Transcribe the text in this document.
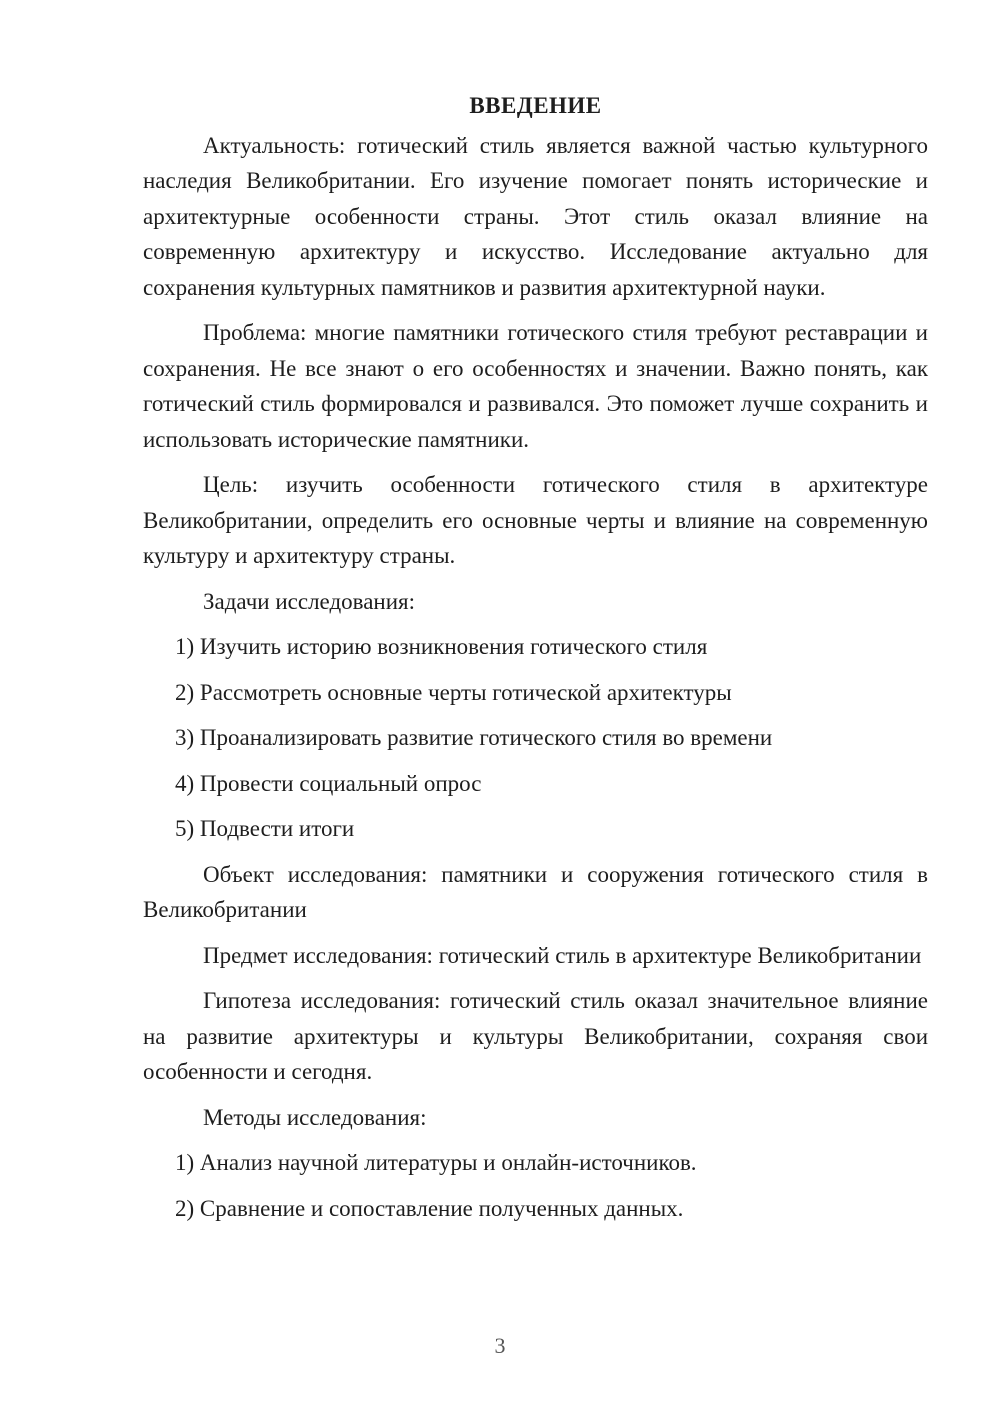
ВВЕДЕНИЕ

Актуальность: готический стиль является важной частью культурного наследия Великобритании. Его изучение помогает понять исторические и архитектурные особенности страны. Этот стиль оказал влияние на современную архитектуру и искусство. Исследование актуально для сохранения культурных памятников и развития архитектурной науки.

Проблема: многие памятники готического стиля требуют реставрации и сохранения. Не все знают о его особенностях и значении. Важно понять, как готический стиль формировался и развивался. Это поможет лучше сохранить и использовать исторические памятники.

Цель: изучить особенности готического стиля в архитектуре Великобритании, определить его основные черты и влияние на современную культуру и архитектуру страны.

Задачи исследования:

1) Изучить историю возникновения готического стиля
2) Рассмотреть основные черты готической архитектуры
3) Проанализировать развитие готического стиля во времени
4) Провести социальный опрос
5) Подвести итоги

Объект исследования: памятники и сооружения готического стиля в Великобритании

Предмет исследования: готический стиль в архитектуре Великобритании

Гипотеза исследования: готический стиль оказал значительное влияние на развитие архитектуры и культуры Великобритании, сохраняя свои особенности и сегодня.

Методы исследования:

1) Анализ научной литературы и онлайн-источников.
2) Сравнение и сопоставление полученных данных.
3
